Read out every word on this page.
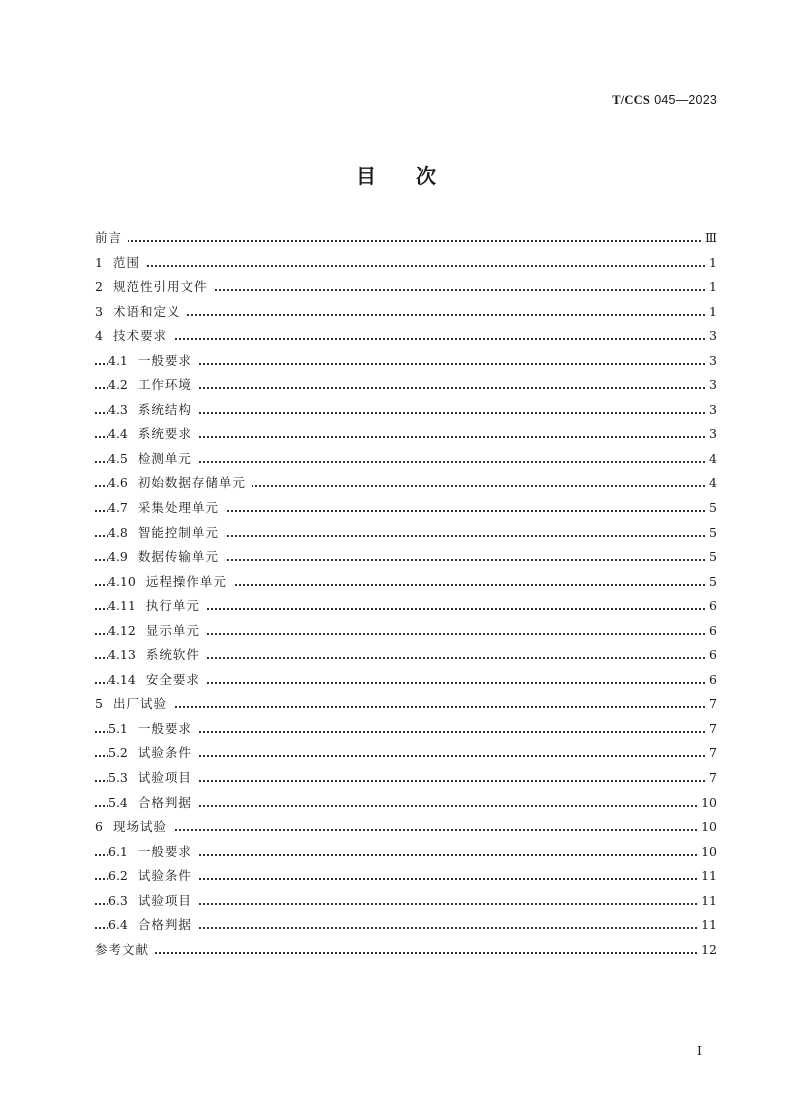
T/CCS 045—2023
目次
前言	Ⅲ
1 范围	1
2 规范性引用文件	1
3 术语和定义	1
4 技术要求	3
4.1 一般要求	3
4.2 工作环境	3
4.3 系统结构	3
4.4 系统要求	3
4.5 检测单元	4
4.6 初始数据存储单元	4
4.7 采集处理单元	5
4.8 智能控制单元	5
4.9 数据传输单元	5
4.10 远程操作单元	5
4.11 执行单元	6
4.12 显示单元	6
4.13 系统软件	6
4.14 安全要求	6
5 出厂试验	7
5.1 一般要求	7
5.2 试验条件	7
5.3 试验项目	7
5.4 合格判据	10
6 现场试验	10
6.1 一般要求	10
6.2 试验条件	11
6.3 试验项目	11
6.4 合格判据	11
参考文献	12
I
